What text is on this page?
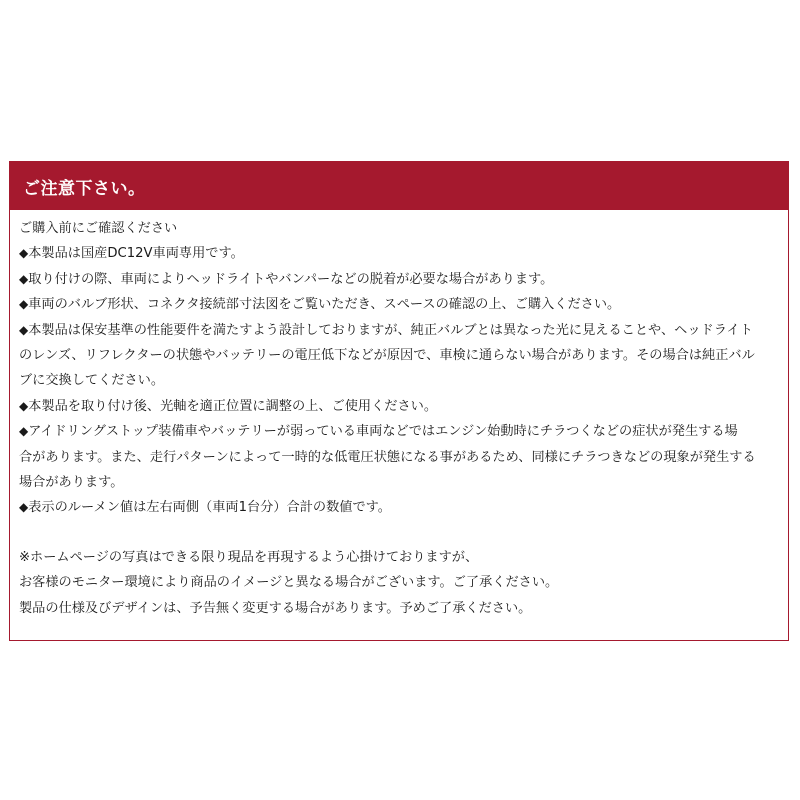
ご注意下さい。
ご購入前にご確認ください
◆本製品は国産DC12V車両専用です。
◆取り付けの際、車両によりヘッドライトやバンパーなどの脱着が必要な場合があります。
◆車両のバルブ形状、コネクタ接続部寸法図をご覧いただき、スペースの確認の上、ご購入ください。
◆本製品は保安基準の性能要件を満たすよう設計しておりますが、純正バルブとは異なった光に見えることや、ヘッドライト
のレンズ、リフレクターの状態やバッテリーの電圧低下などが原因で、車検に通らない場合があります。その場合は純正バル
ブに交換してください。
◆本製品を取り付け後、光軸を適正位置に調整の上、ご使用ください。
◆アイドリングストップ装備車やバッテリーが弱っている車両などではエンジン始動時にチラつくなどの症状が発生する場
合があります。また、走行パターンによって一時的な低電圧状態になる事があるため、同様にチラつきなどの現象が発生する
場合があります。
◆表示のルーメン値は左右両側（車両1台分）合計の数値です。
※ホームページの写真はできる限り現品を再現するよう心掛けておりますが、
お客様のモニター環境により商品のイメージと異なる場合がございます。ご了承ください。
製品の仕様及びデザインは、予告無く変更する場合があります。予めご了承ください。
